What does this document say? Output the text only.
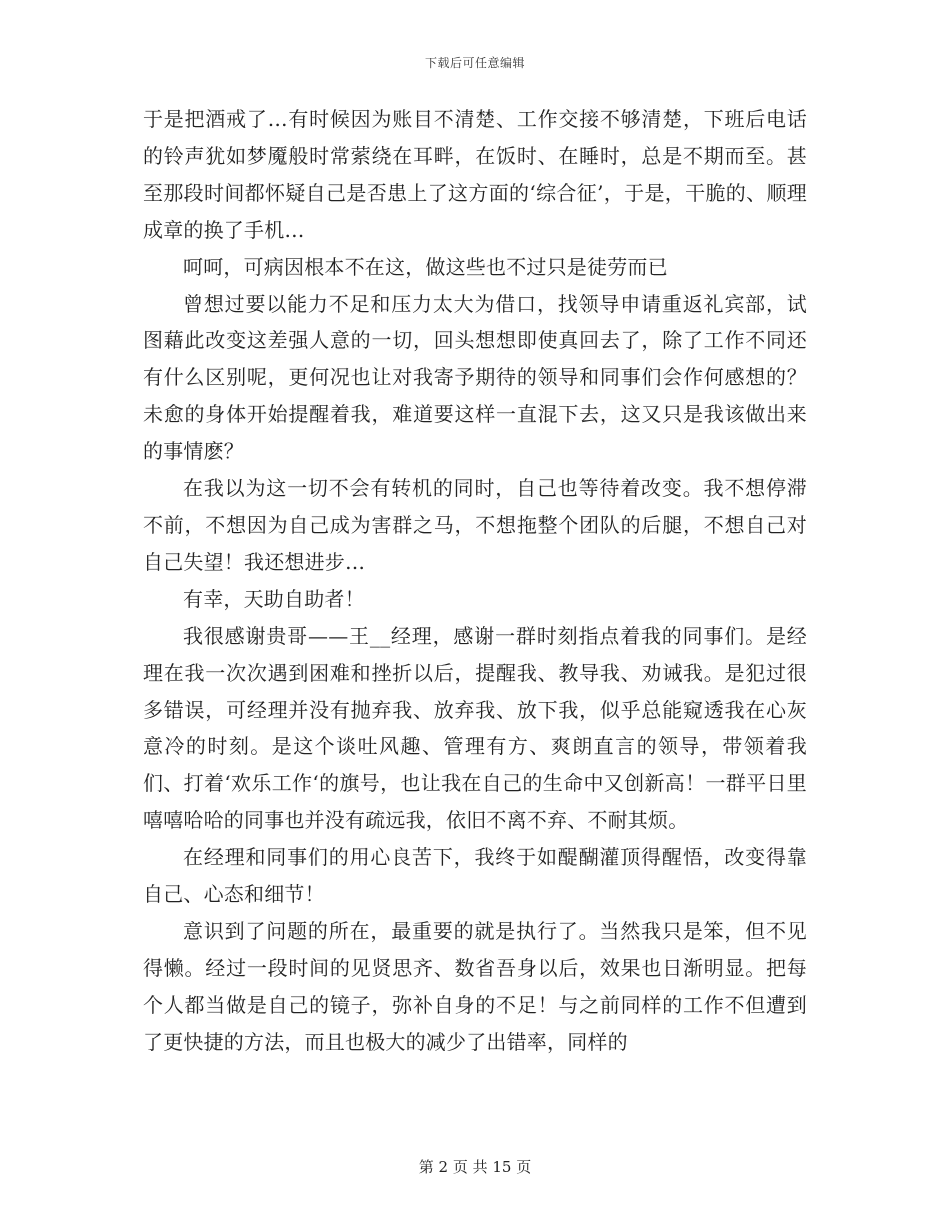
下载后可任意编辑

于是把酒戒了…有时候因为账目不清楚、工作交接不够清楚，下班后电话的铃声犹如梦魇般时常萦绕在耳畔，在饭时、在睡时，总是不期而至。甚至那段时间都怀疑自己是否患上了这方面的‘综合征’，于是，干脆的、顺理成章的换了手机…

呵呵，可病因根本不在这，做这些也不过只是徒劳而已

曾想过要以能力不足和压力太大为借口，找领导申请重返礼宾部，试图藉此改变这差强人意的一切，回头想想即使真回去了，除了工作不同还有什么区别呢，更何况也让对我寄予期待的领导和同事们会作何感想的？未愈的身体开始提醒着我，难道要这样一直混下去，这又只是我该做出来的事情麽？

在我以为这一切不会有转机的同时，自己也等待着改变。我不想停滞不前，不想因为自己成为害群之马，不想拖整个团队的后腿，不想自己对自己失望！我还想进步…

有幸，天助自助者！

我很感谢贵哥——王__经理，感谢一群时刻指点着我的同事们。是经理在我一次次遇到困难和挫折以后，提醒我、教导我、劝诫我。是犯过很多错误，可经理并没有抛弃我、放弃我、放下我，似乎总能窥透我在心灰意冷的时刻。是这个谈吐风趣、管理有方、爽朗直言的领导，带领着我们、打着‘欢乐工作‘的旗号，也让我在自己的生命中又创新高！一群平日里嘻嘻哈哈的同事也并没有疏远我，依旧不离不弃、不耐其烦。

在经理和同事们的用心良苦下，我终于如醍醐灌顶得醒悟，改变得靠自己、心态和细节！

意识到了问题的所在，最重要的就是执行了。当然我只是笨，但不见得懒。经过一段时间的见贤思齐、数省吾身以后，效果也日渐明显。把每个人都当做是自己的镜子，弥补自身的不足！与之前同样的工作不但遭到了更快捷的方法，而且也极大的减少了出错率，同样的

第 2 页 共 15 页
